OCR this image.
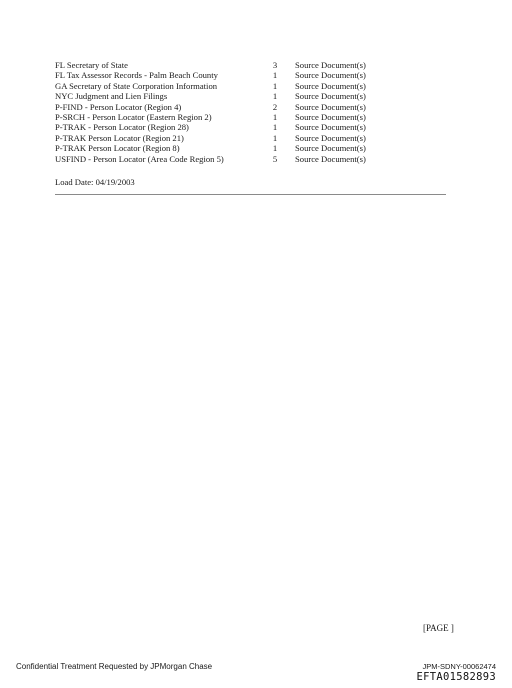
FL Secretary of State	3	Source Document(s)
FL Tax Assessor Records - Palm Beach County	1	Source Document(s)
GA Secretary of State Corporation Information	1	Source Document(s)
NYC Judgment and Lien Filings	1	Source Document(s)
P-FIND - Person Locator (Region 4)	2	Source Document(s)
P-SRCH - Person Locator (Eastern Region 2)	1	Source Document(s)
P-TRAK - Person Locator (Region 28)	1	Source Document(s)
P-TRAK Person Locator (Region 21)	1	Source Document(s)
P-TRAK Person Locator (Region 8)	1	Source Document(s)
USFIND - Person Locator (Area Code Region 5)	5	Source Document(s)
Load Date: 04/19/2003
[PAGE ]
Confidential Treatment Requested by JPMorgan Chase	JPM-SDNY-00062474
EFTA01582893
